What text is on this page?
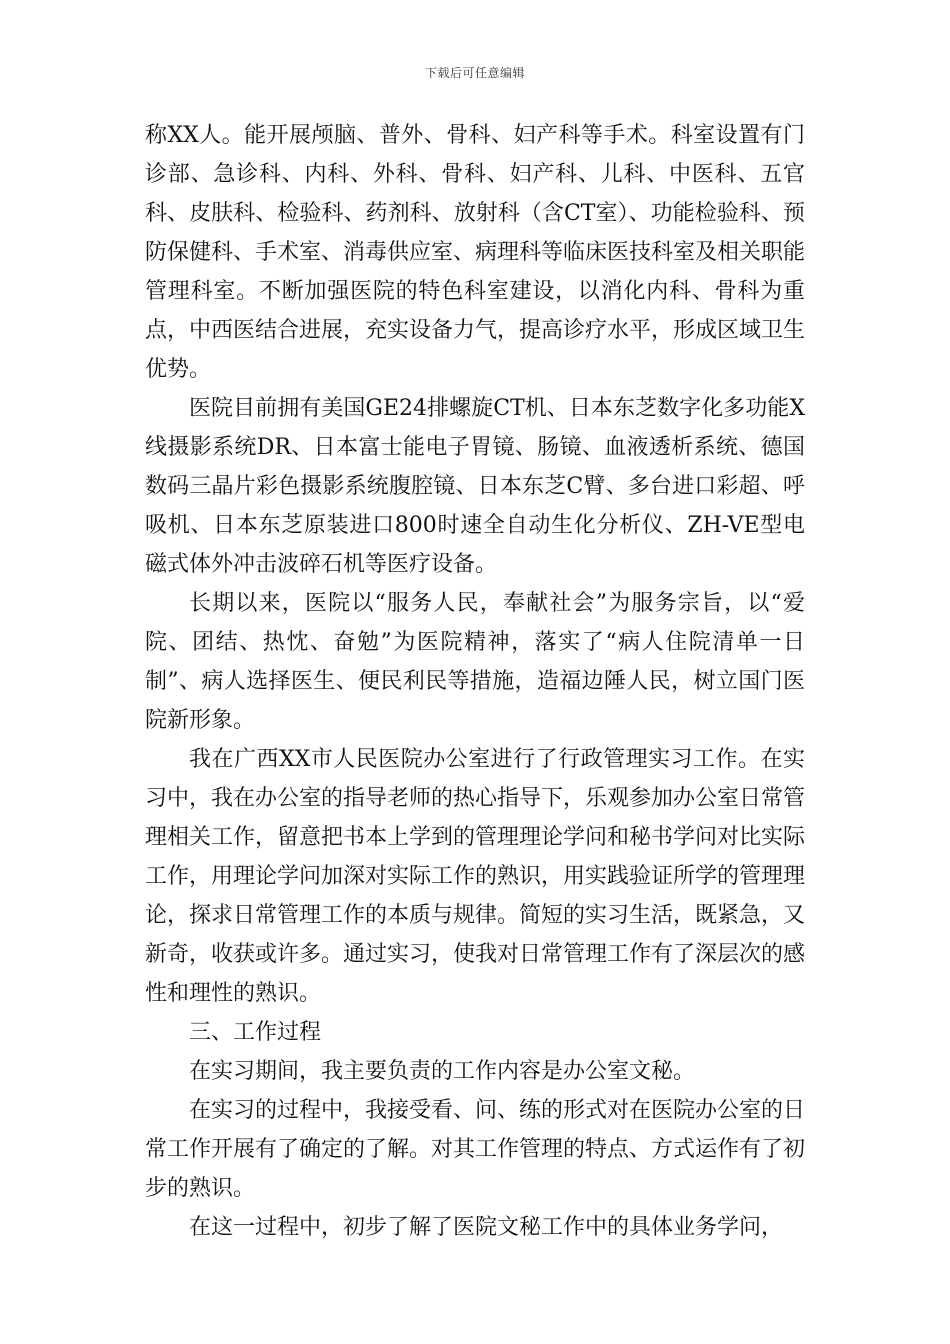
下载后可任意编辑

称XX人。能开展颅脑、普外、骨科、妇产科等手术。科室设置有门诊部、急诊科、内科、外科、骨科、妇产科、儿科、中医科、五官科、皮肤科、检验科、药剂科、放射科（含CT室）、功能检验科、预防保健科、手术室、消毒供应室、病理科等临床医技科室及相关职能管理科室。不断加强医院的特色科室建设，以消化内科、骨科为重点，中西医结合进展，充实设备力气，提高诊疗水平，形成区域卫生优势。

医院目前拥有美国GE24排螺旋CT机、日本东芝数字化多功能X线摄影系统DR、日本富士能电子胃镜、肠镜、血液透析系统、德国数码三晶片彩色摄影系统腹腔镜、日本东芝C臂、多台进口彩超、呼吸机、日本东芝原装进口800时速全自动生化分析仪、ZH-VE型电磁式体外冲击波碎石机等医疗设备。

长期以来，医院以“服务人民，奉献社会”为服务宗旨，以“爱院、团结、热忱、奋勉”为医院精神，落实了“病人住院清单一日制”、病人选择医生、便民利民等措施，造福边陲人民，树立国门医院新形象。

我在广西XX市人民医院办公室进行了行政管理实习工作。在实习中，我在办公室的指导老师的热心指导下，乐观参加办公室日常管理相关工作，留意把书本上学到的管理理论学问和秘书学问对比实际工作，用理论学问加深对实际工作的熟识，用实践验证所学的管理理论，探求日常管理工作的本质与规律。简短的实习生活，既紧急，又新奇，收获或许多。通过实习，使我对日常管理工作有了深层次的感性和理性的熟识。

三、工作过程

在实习期间，我主要负责的工作内容是办公室文秘。

在实习的过程中，我接受看、问、练的形式对在医院办公室的日常工作开展有了确定的了解。对其工作管理的特点、方式运作有了初步的熟识。

在这一过程中，初步了解了医院文秘工作中的具体业务学问，
